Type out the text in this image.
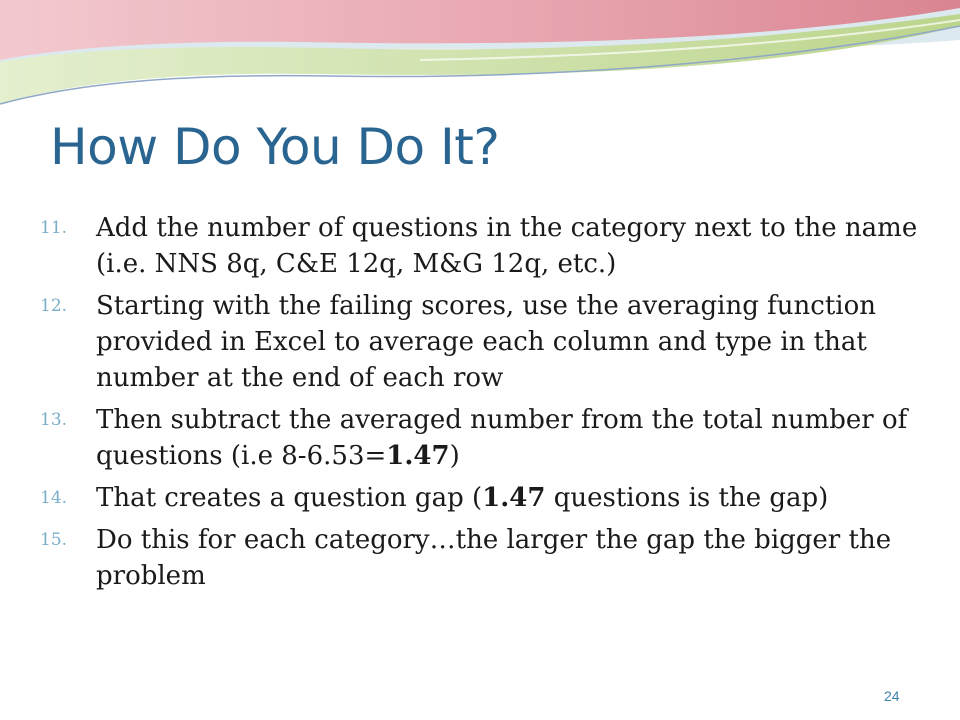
How Do You Do It?
11.	Add the number of questions in the category next to the name (i.e. NNS 8q, C&E 12q, M&G 12q, etc.)
12.	Starting with the failing scores, use the averaging function provided in Excel to average each column and type in that number at the end of each row
13.	Then subtract the averaged number from the total number of questions (i.e 8-6.53=1.47)
14.	That creates a question gap (1.47 questions is the gap)
15.	Do this for each category…the larger the gap the bigger the problem
24
